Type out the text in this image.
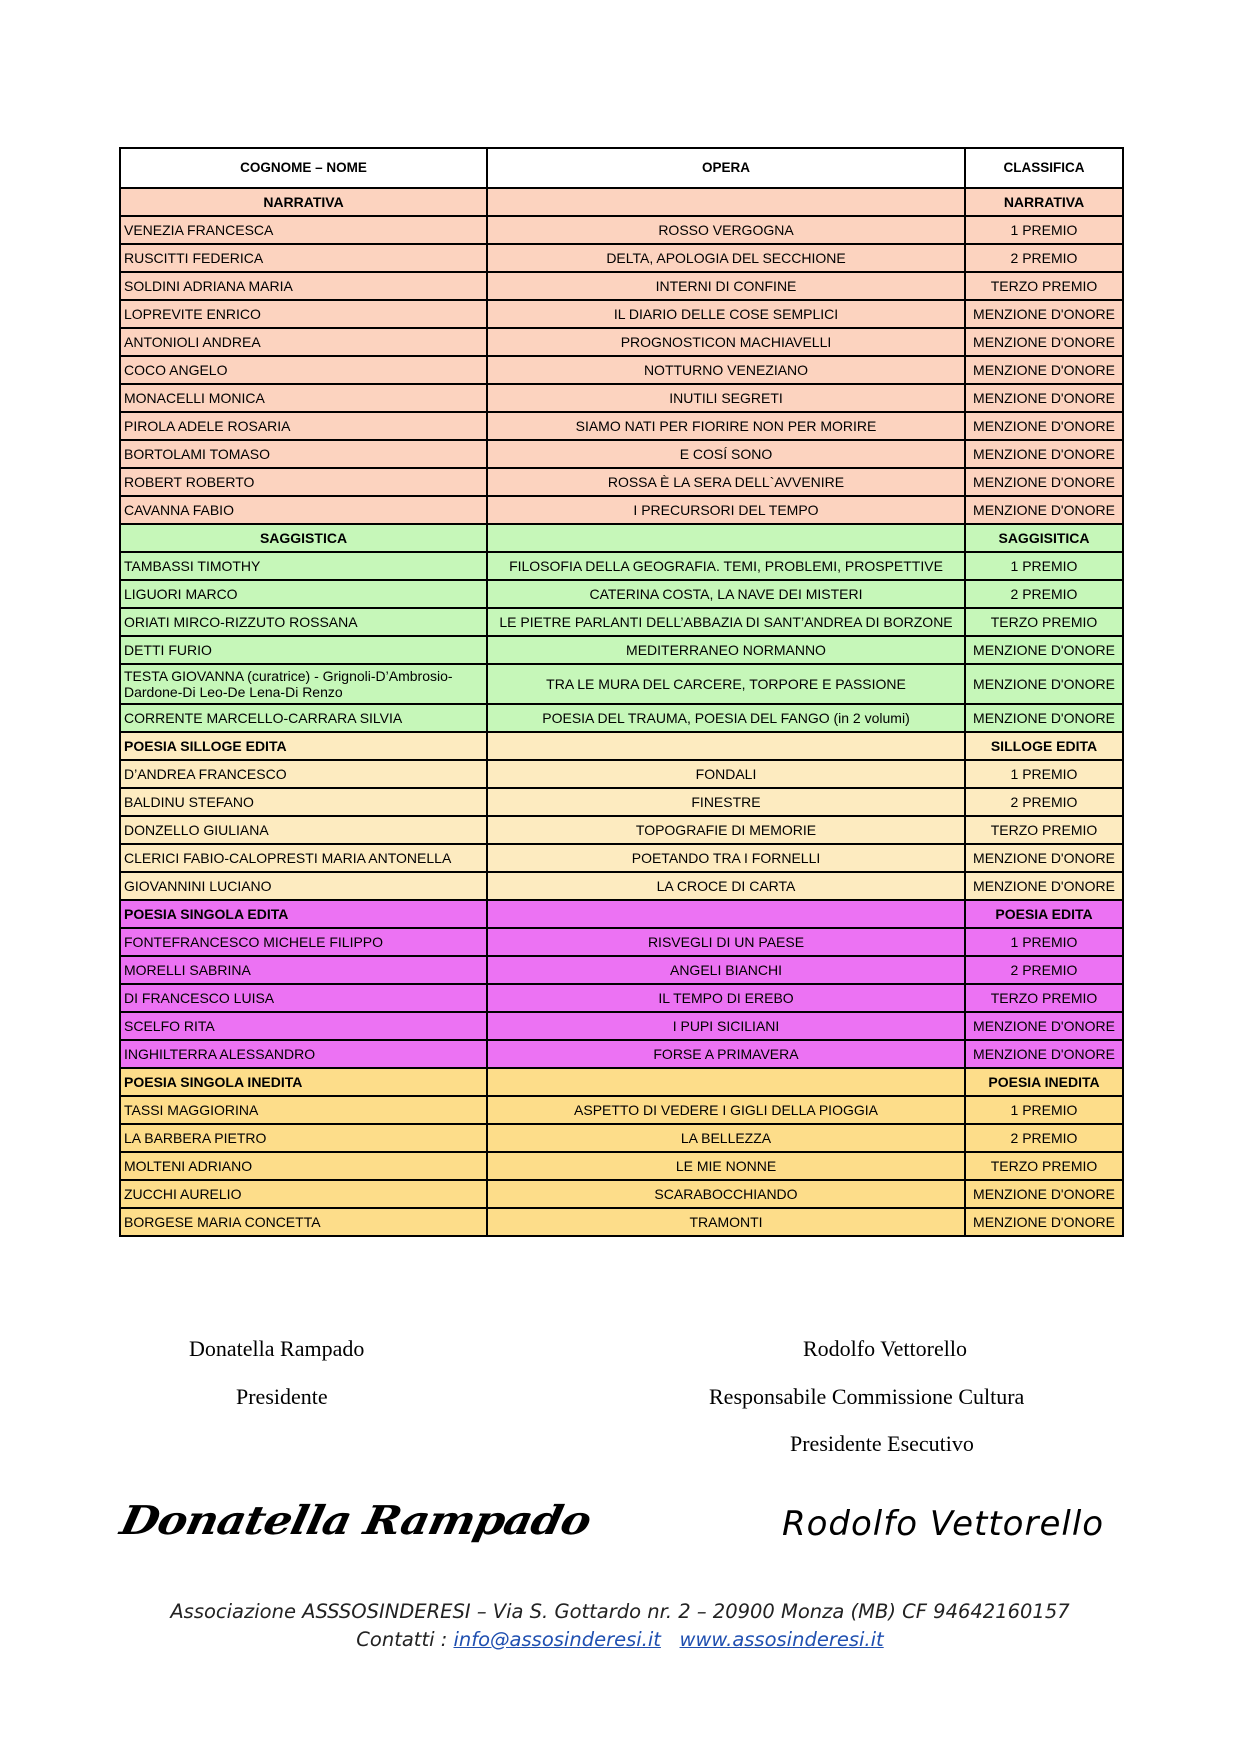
COGNOME – NOME	OPERA	CLASSIFICA
NARRATIVA		NARRATIVA
VENEZIA FRANCESCA	ROSSO VERGOGNA	1 PREMIO
RUSCITTI FEDERICA	DELTA, APOLOGIA DEL SECCHIONE	2 PREMIO
SOLDINI ADRIANA MARIA	INTERNI DI CONFINE	TERZO PREMIO
LOPREVITE ENRICO	IL DIARIO DELLE COSE SEMPLICI	MENZIONE D'ONORE
ANTONIOLI ANDREA	PROGNOSTICON MACHIAVELLI	MENZIONE D'ONORE
COCO ANGELO	NOTTURNO VENEZIANO	MENZIONE D'ONORE
MONACELLI MONICA	INUTILI SEGRETI	MENZIONE D'ONORE
PIROLA ADELE ROSARIA	SIAMO NATI PER FIORIRE NON PER MORIRE	MENZIONE D'ONORE
BORTOLAMI TOMASO	E COSÍ SONO	MENZIONE D'ONORE
ROBERT ROBERTO	ROSSA È LA SERA DELL`AVVENIRE	MENZIONE D'ONORE
CAVANNA FABIO	I PRECURSORI DEL TEMPO	MENZIONE D'ONORE
SAGGISTICA		SAGGISITICA
TAMBASSI TIMOTHY	FILOSOFIA DELLA GEOGRAFIA. TEMI, PROBLEMI, PROSPETTIVE	1 PREMIO
LIGUORI MARCO	CATERINA COSTA, LA NAVE DEI MISTERI	2 PREMIO
ORIATI MIRCO-RIZZUTO ROSSANA	LE PIETRE PARLANTI DELL’ABBAZIA DI SANT’ANDREA DI BORZONE	TERZO PREMIO
DETTI FURIO	MEDITERRANEO NORMANNO	MENZIONE D'ONORE
TESTA GIOVANNA (curatrice) - Grignoli-D’Ambrosio-Dardone-Di Leo-De Lena-Di Renzo	TRA LE MURA DEL CARCERE, TORPORE E PASSIONE	MENZIONE D'ONORE
CORRENTE MARCELLO-CARRARA SILVIA	POESIA DEL TRAUMA, POESIA DEL FANGO (in 2 volumi)	MENZIONE D'ONORE
POESIA SILLOGE EDITA		SILLOGE EDITA
D’ANDREA FRANCESCO	FONDALI	1 PREMIO
BALDINU STEFANO	FINESTRE	2 PREMIO
DONZELLO GIULIANA	TOPOGRAFIE DI MEMORIE	TERZO PREMIO
CLERICI FABIO-CALOPRESTI MARIA ANTONELLA	POETANDO TRA I FORNELLI	MENZIONE D'ONORE
GIOVANNINI LUCIANO	LA CROCE DI CARTA	MENZIONE D'ONORE
POESIA SINGOLA EDITA		POESIA EDITA
FONTEFRANCESCO MICHELE FILIPPO	RISVEGLI DI UN PAESE	1 PREMIO
MORELLI SABRINA	ANGELI BIANCHI	2 PREMIO
DI FRANCESCO LUISA	IL TEMPO DI EREBO	TERZO PREMIO
SCELFO RITA	I PUPI SICILIANI	MENZIONE D'ONORE
INGHILTERRA ALESSANDRO	FORSE A PRIMAVERA	MENZIONE D'ONORE
POESIA SINGOLA INEDITA		POESIA INEDITA
TASSI MAGGIORINA	ASPETTO DI VEDERE I GIGLI DELLA PIOGGIA	1 PREMIO
LA BARBERA PIETRO	LA BELLEZZA	2 PREMIO
MOLTENI ADRIANO	LE MIE NONNE	TERZO PREMIO
ZUCCHI AURELIO	SCARABOCCHIANDO	MENZIONE D'ONORE
BORGESE MARIA CONCETTA	TRAMONTI	MENZIONE D'ONORE
Donatella Rampado
Presidente
Rodolfo Vettorello
Responsabile Commissione Cultura
Presidente Esecutivo
Donatella Rampado	Rodolfo Vettorello
Associazione ASSSOSINDERESI – Via S. Gottardo nr. 2 – 20900 Monza (MB) CF 94642160157
Contatti : info@assosinderesi.it www.assosinderesi.it
